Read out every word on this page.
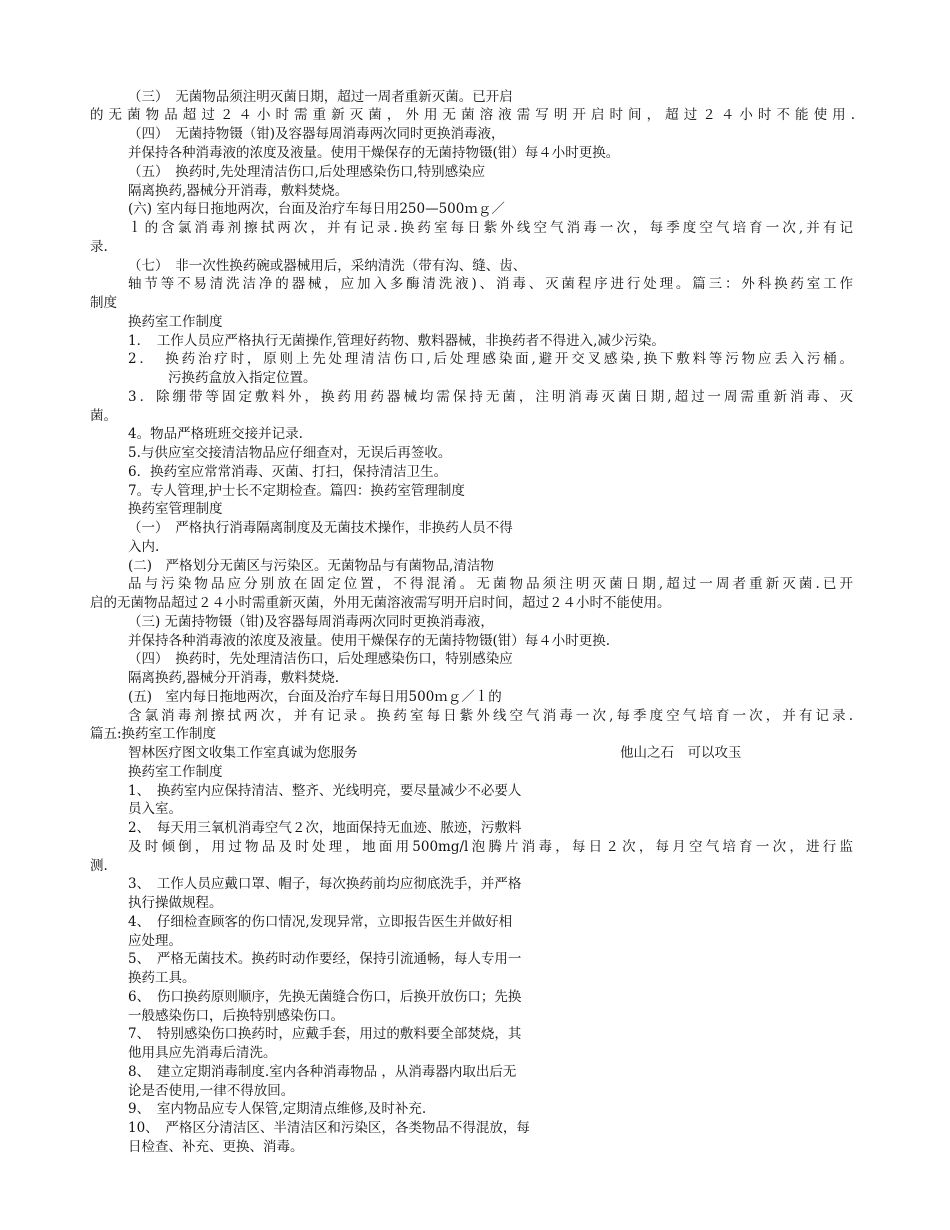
（三）　无菌物品须注明灭菌日期，超过一周者重新灭菌。已开启
的无菌物品超过２４小时需重新灭菌，外用无菌溶液需写明开启时间，超过２４小时不能使用.
（四）　无菌持物镊（钳)及容器每周消毒两次同时更换消毒液，
并保持各种消毒液的浓度及液量。使用干燥保存的无菌持物镊(钳）每４小时更换。
（五）　换药时,先处理清洁伤口,后处理感染伤口,特别感染应
隔离换药,器械分开消毒，敷料焚烧。
(六) 室内每日拖地两次，台面及治疗车每日用250—500ｍｇ／
ｌ的含氯消毒剂擦拭两次，并有记录.换药室每日紫外线空气消毒一次，每季度空气培育一次,并有记
录.
（七）　非一次性换药碗或器械用后，采纳清洗（带有沟、缝、齿、
轴节等不易清洗洁净的器械，应加入多酶清洗液)、消毒、灭菌程序进行处理。篇三：外科换药室工作
制度
换药室工作制度
1．　工作人员应严格执行无菌操作,管理好药物、敷料器械，非换药者不得进入,减少污染。
2．　换药治疗时，原则上先处理清洁伤口,后处理感染面,避开交叉感染,换下敷料等污物应丢入污桶。
污换药盒放入指定位置。
3．除绷带等固定敷料外，换药用药器械均需保持无菌，注明消毒灭菌日期,超过一周需重新消毒、灭
菌。
4。物品严格班班交接并记录.
5.与供应室交接清洁物品应仔细查对，无误后再签收。
6．换药室应常常消毒、灭菌、打扫，保持清洁卫生。
7。专人管理,护士长不定期检查。篇四：换药室管理制度
换药室管理制度
（一）　严格执行消毒隔离制度及无菌技术操作，非换药人员不得
入内.
(二)　严格划分无菌区与污染区。无菌物品与有菌物品,清洁物
品与污染物品应分别放在固定位置，不得混淆。无菌物品须注明灭菌日期,超过一周者重新灭菌.已开
启的无菌物品超过２４小时需重新灭菌，外用无菌溶液需写明开启时间，超过２４小时不能使用。
（三) 无菌持物镊（钳)及容器每周消毒两次同时更换消毒液，
并保持各种消毒液的浓度及液量。使用干燥保存的无菌持物镊(钳）每４小时更换.
（四）　换药时，先处理清洁伤口，后处理感染伤口，特别感染应
隔离换药,器械分开消毒，敷料焚烧.
(五)　室内每日拖地两次，台面及治疗车每日用500ｍｇ／ｌ的
含氯消毒剂擦拭两次，并有记录。换药室每日紫外线空气消毒一次,每季度空气培育一次，并有记录.
篇五:换药室工作制度
智林医疗图文收集工作室真诚为您服务	他山之石　可以攻玉
换药室工作制度
1、　换药室内应保持清洁、整齐、光线明亮，要尽量减少不必要人
员入室。
2、　每天用三氧机消毒空气２次，地面保持无血迹、脓迹，污敷料
及时倾倒，用过物品及时处理，地面用500mg/l泡腾片消毒，每日２次，每月空气培育一次，进行监
测.
3、　工作人员应戴口罩、帽子，每次换药前均应彻底洗手，并严格
执行操做规程。
4、　仔细检查顾客的伤口情况,发现异常，立即报告医生并做好相
应处理。
5、　严格无菌技术。换药时动作要经，保持引流通畅，每人专用一
换药工具。
6、　伤口换药原则顺序，先换无菌缝合伤口，后换开放伤口；先换
一般感染伤口，后换特别感染伤口。
7、　特别感染伤口换药时，应戴手套，用过的敷料要全部焚烧，其
他用具应先消毒后清洗。
8、　建立定期消毒制度.室内各种消毒物品 ，从消毒器内取出后无
论是否使用,一律不得放回。
9、　室内物品应专人保管,定期清点维修,及时补充.
10、　严格区分清洁区、半清洁区和污染区，各类物品不得混放，每
日检查、补充、更换、消毒。
